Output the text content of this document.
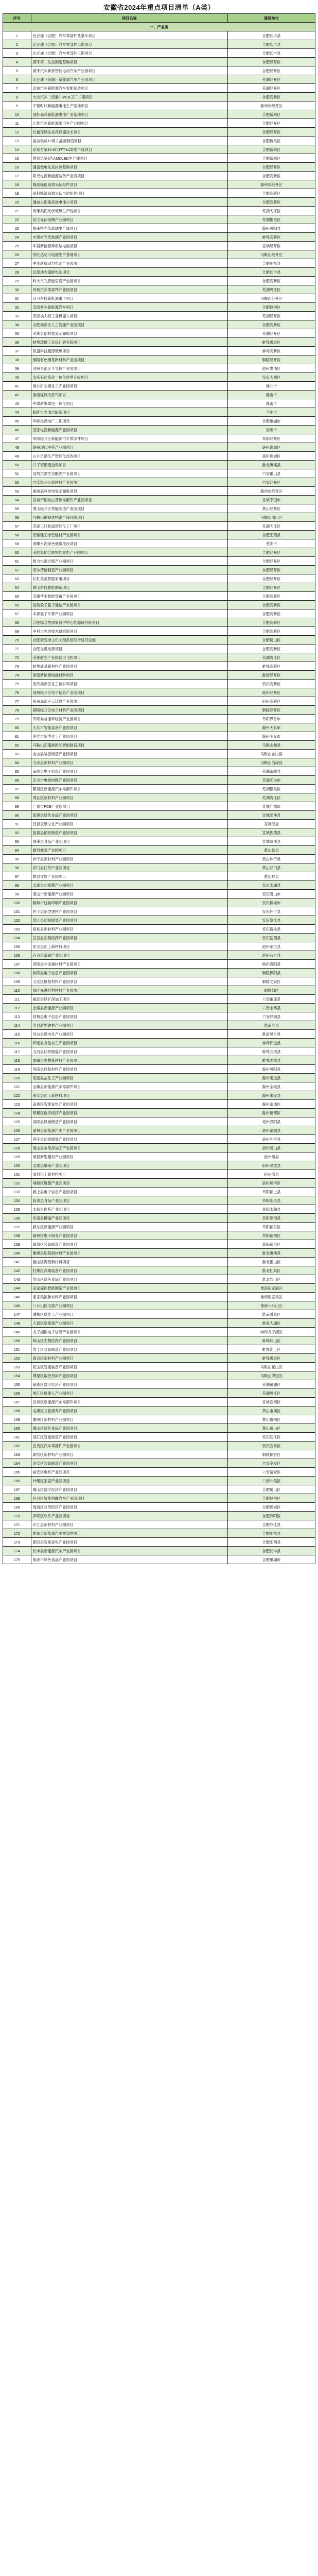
安徽省2024年重点项目清单（A类）
序号	项目名称	建设单位
一、产业类		
1	比亚迪（合肥）汽车零部件及整车项目	合肥长丰县
2	比亚迪（合肥）汽车零部件二期项目	合肥长丰县
3	比亚迪（合肥）汽车零部件三期项目	合肥长丰县
4	蔚来第二先进制造基地项目	合肥经开区
5	蔚来汽车新桥智能电动汽车产业园项目	合肥经开区
6	比亚迪（芜湖）新能源汽车产业园项目	芜湖经开区
7	奇瑞汽车新能源汽车智能制造项目	芜湖经开区
8	大众汽车（安徽）MEB工厂二期项目	合肥高新区
9	宁德时代新能源电池生产基地项目	滁州市经开区
10	国轩高科新能源电池产业基地项目	合肥新站区
11	江淮汽车新能源乘用车产业园项目	合肥经开区
12	长鑫存储先进存储器技术项目	合肥经开区
13	晶合集成12英寸晶圆制造项目	合肥新站区
14	京东方第10.5代TFT-LCD生产线项目	合肥新站区
15	维信诺第6代AMOLED生产线项目	合肥新站区
16	通富微电先进封测基地项目	合肥经开区
17	阳光电源新能源装备产业园项目	合肥高新区
18	隆基绿能高效光伏组件项目	滁州市经开区
19	晶科能源高效光伏电池组件项目	合肥高新区
20	通威太阳能高效电池片项目	合肥高新区
21	海螺集团光伏玻璃生产线项目	芜湖弋江区
22	信义光伏玻璃产业园项目	芜湖繁昌区
23	福莱特光伏玻璃生产线项目	滁州凤阳县
24	中建材光伏玻璃产业园项目	蚌埠高新区
25	华晟新能源异质结电池项目	宣城经开区
26	欣旺达动力电池生产基地项目	马鞍山经开区
27	中创新航动力电池产业园项目	合肥肥东县
28	远景动力储能电池项目	合肥长丰县
29	科大讯飞智能语音产业园项目	合肥高新区
30	奇瑞汽车零部件产业园项目	芜湖鸠江区
31	汉马科技新能源重卡项目	马鞍山经开区
32	安凯客车新能源汽车项目	合肥包河区
33	芜湖埃夫特工业机器人项目	芜湖经开区
34	合肥高新区人工智能产业园项目	合肥高新区
35	芜湖长信科技显示面板项目	芜湖经开区
36	蚌埠玻璃工业设计研究院项目	蚌埠禹会区
37	凯盛科技超薄玻璃项目	蚌埠高新区
38	铜陵有色铜基新材料产业园项目	铜陵经开区
39	池州贵池区半导体产业园项目	池州贵池区
40	安庆石化炼化一体化转型升级项目	安庆大观区
41	淮北矿业煤化工产业园项目	淮北市
42	淮南煤制天然气项目	淮南市
43	中煤新集煤电一体化项目	淮南市
44	皖能电力清洁能源项目	合肥市
45	华能巢湖电厂二期项目	合肥巢湖市
46	国家电投新能源产业园项目	宿州市
47	阜阳经开区新能源汽车零部件项目	阜阳经开区
48	亳州现代中药产业园项目	亳州谯城区
49	古井贡酒生产智能化技改项目	亳州谯城区
50	口子窖酿酒技改项目	淮北濉溪县
51	迎驾贡酒生态酿酒产业园项目	六安霍山县
52	六安经开区新材料产业园项目	六安经开区
53	滁州惠科光电显示面板项目	滁州市经开区
54	宣城宁国核心基础零部件产业园项目	宣城宁国市
55	黄山经开区智能制造产业园项目	黄山经开区
56	马鞍山钢铁优特钢产线升级项目	马鞍山雨山区
57	芜湖三只松鼠智能化工厂项目	芜湖弋江区
58	安徽建工绿色建材产业园项目	合肥肥西县
59	海螺水泥绿色低碳技改项目	芜湖市
60	美的集团合肥智能家电产业园项目	合肥经开区
61	格力电器合肥产业园项目	合肥经开区
62	海尔智能制造产业园项目	合肥经开区
63	长虹美菱智能家电项目	合肥经开区
64	联宝科技智能制造项目	合肥经开区
65	安徽华米智能穿戴产业园项目	合肥高新区
66	国盾量子量子通信产业园项目	合肥高新区
67	本源量子计算产业园项目	合肥高新区
68	合肥综合性国家科学中心能源研究院项目	合肥高新区
69	中科大先进技术研究院项目	合肥高新区
70	合肥聚变堆主机关键系统综合研究设施	合肥蜀山区
71	合肥先进光源项目	合肥高新区
72	芜湖航空产业园通用飞机项目	芜湖湾沚区
73	蚌埠硅基新材料产业园项目	蚌埠高新区
74	淮南新能源电池材料项目	淮南经开区
75	安庆高新区化工新材料项目	安庆高新区
76	池州经开区电子信息产业园项目	池州经开区
77	宿州高新区云计算产业园项目	宿州高新区
78	铜陵经开区电子材料产业园项目	铜陵经开区
79	阜阳界首循环经济产业园项目	阜阳界首市
80	天长市智能装备产业园项目	滁州天长市
81	明光市新型化工产业园项目	滁州明光市
82	马鞍山郑蒲港新区智能制造项目	马鞍山和县
83	含山县装备制造产业园项目	马鞍山含山县
84	当涂县新材料产业园项目	马鞍山当涂县
85	南陵县电子信息产业园项目	芜湖南陵县
86	无为市电线电缆产业园项目	芜湖无为市
87	繁昌区新能源汽车零部件项目	芜湖繁昌区
88	湾沚区新材料产业园项目	芜湖湾沚区
89	广德市PCB产业园项目	宣城广德市
90	郎溪县绿色食品产业园项目	宣城郎溪县
91	泾县宣纸文化产业园项目	宣城泾县
92	旌德县精密制造产业园项目	宣城旌德县
93	绩溪县食品产业园项目	宣城绩溪县
94	歙县徽茶产业园项目	黄山歙县
95	休宁县新材料产业园项目	黄山休宁县
96	祁门县红茶产业园项目	黄山祁门县
97	黟县文旅产业园项目	黄山黟县
98	太湖县功能膜产业园项目	安庆太湖县
99	潜山市新能源产业园项目	安庆潜山市
100	桐城市包装印刷产业园项目	安庆桐城市
101	怀宁县新型建材产业园项目	安庆怀宁县
102	望江县纺织服装产业园项目	安庆望江县
103	宿松县新材料产业园项目	安庆宿松县
104	岳西县生物医药产业园项目	安庆岳西县
105	东至县化工新材料项目	池州东至县
106	石台县富硒产业园项目	池州石台县
107	青阳县非金属材料产业园项目	池州青阳县
108	枞阳县电子信息产业园项目	铜陵枞阳县
109	义安区铜基材料产业园项目	铜陵义安区
110	郊区先进结构材料产业园项目	铜陵郊区
111	霍邱县铁矿深加工项目	六安霍邱县
112	金寨县新能源产业园项目	六安金寨县
113	舒城县电子信息产业园项目	六安舒城县
114	寿县新型建材产业园项目	淮南寿县
115	凤台县煤电化产业园项目	淮南凤台县
116	怀远县食品加工产业园项目	蚌埠怀远县
117	五河县纺织服装产业园项目	蚌埠五河县
118	固镇县生物基材料产业园项目	蚌埠固镇县
119	凤阳县硅基材料产业园项目	滁州凤阳县
120	定远县盐化工产业园项目	滁州定远县
121	全椒县新能源汽车零部件项目	滁州全椒县
122	来安县化工新材料项目	滁州来安县
123	南谯区智能家电产业园项目	滁州南谯区
124	琅琊区数字经济产业园项目	滁州琅琊区
125	涡阳县机械制造产业园项目	亳州涡阳县
126	蒙城县新能源汽车产业园项目	亳州蒙城县
127	利辛县纺织服装产业园项目	亳州利辛县
128	砀山县水果深加工产业园项目	宿州砀山县
129	萧县新型建材产业园项目	宿州萧县
130	灵璧县轴承产业园项目	宿州灵璧县
131	泗县化工新材料项目	宿州泗县
132	埇桥区鞋服产业园项目	宿州埇桥区
133	颍上县电子信息产业园项目	阜阳颍上县
134	临泉县食品产业园项目	阜阳临泉县
135	太和县医药产业园项目	阜阳太和县
136	阜南县柳编产业园项目	阜阳阜南县
137	颍东区新能源产业园项目	阜阳颍东区
138	颍州区电子商务产业园项目	阜阳颍州区
139	颍泉区装备制造产业园项目	阜阳颍泉区
140	濉溪县铝基新材料产业园项目	淮北濉溪县
141	相山区陶铝新材料项目	淮北相山区
142	杜集区高端装备产业园项目	淮北杜集区
143	烈山区绿色食品产业园项目	淮北烈山区
144	田家庵区智能制造产业园项目	淮南田家庵区
145	谢家集区新材料产业园项目	淮南谢家集区
146	八公山区文旅产业园项目	淮南八公山区
147	潘集区煤化工产业园项目	淮南潘集区
148	大通区新能源产业园项目	淮南大通区
149	龙子湖区电子信息产业园项目	蚌埠龙子湖区
150	蚌山区生物医药产业园项目	蚌埠蚌山区
151	淮上区装备制造产业园项目	蚌埠淮上区
152	禹会区新材料产业园项目	蚌埠禹会区
153	花山区智能装备产业园项目	马鞍山花山区
154	博望区数控机床产业园项目	马鞍山博望区
155	镜湖区数字经济产业园项目	芜湖镜湖区
156	鸠江区机器人产业园项目	芜湖鸠江区
157	宣州区新能源汽车零部件项目	宣城宣州区
158	屯溪区文旅康养产业园项目	黄山屯溪区
159	徽州区新材料产业园项目	黄山徽州区
160	黄山区绿色食品产业园项目	黄山黄山区
161	迎江区智能制造产业园项目	安庆迎江区
162	宜秀区汽车零部件产业园项目	安庆宜秀区
163	铜官区新材料产业园项目	铜陵铜官区
164	金安区装备制造产业园项目	六安金安区
165	裕安区电机产业园项目	六安裕安区
166	叶集区家居产业园项目	六安叶集区
167	蜀山区数字经济产业园项目	合肥蜀山区
168	包河区智能网联汽车产业园项目	合肥包河区
169	瑶海区总部经济产业园项目	合肥瑶海区
170	庐阳区软件产业园项目	合肥庐阳区
171	庐江县新材料产业园项目	合肥庐江县
172	肥东县新能源汽车零部件项目	合肥肥东县
173	肥西县智能家电产业园项目	合肥肥西县
174	长丰县新能源汽车产业园项目	合肥长丰县
175	巢湖市绿色食品产业园项目	合肥巢湖市
